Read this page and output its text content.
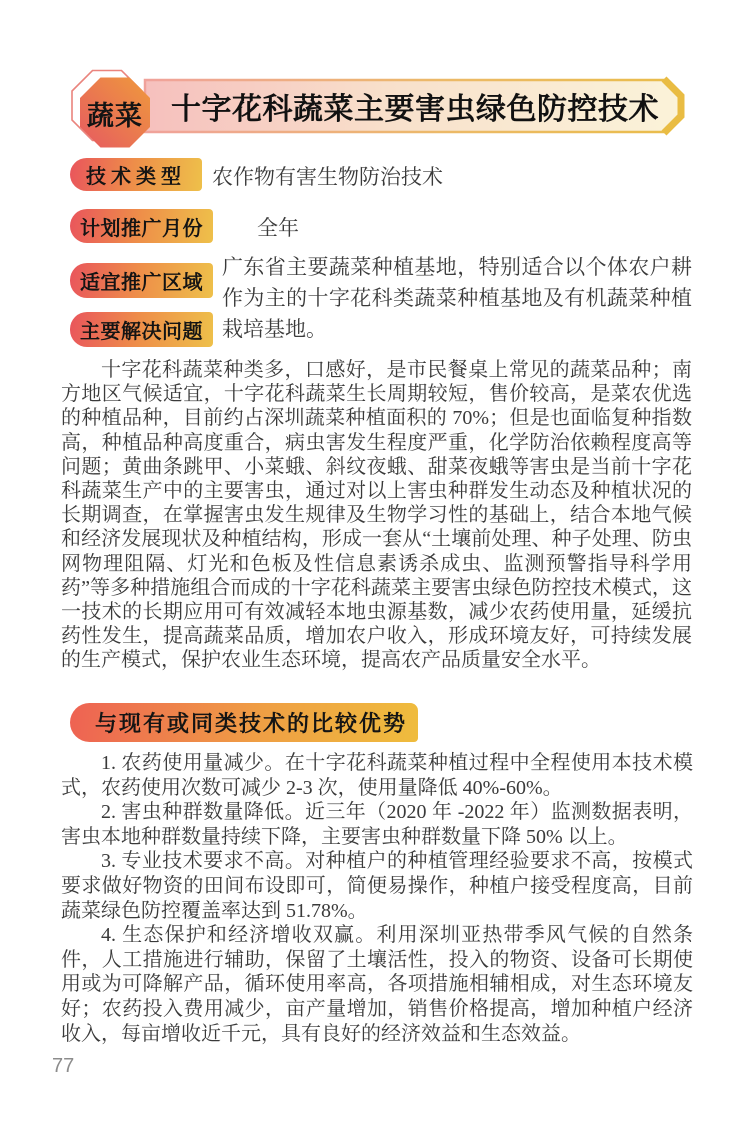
蔬菜 十字花科蔬菜主要害虫绿色防控技术
技术类型	农作物有害生物防治技术
计划推广月份	全年
适宜推广区域
广东省主要蔬菜种植基地，特别适合以个体农户耕作为主的十字花科类蔬菜种植基地及有机蔬菜种植栽培基地。
主要解决问题
十字花科蔬菜种类多，口感好，是市民餐桌上常见的蔬菜品种；南方地区气候适宜，十字花科蔬菜生长周期较短，售价较高，是菜农优选的种植品种，目前约占深圳蔬菜种植面积的 70%；但是也面临复种指数高，种植品种高度重合，病虫害发生程度严重，化学防治依赖程度高等问题；黄曲条跳甲、小菜蛾、斜纹夜蛾、甜菜夜蛾等害虫是当前十字花科蔬菜生产中的主要害虫，通过对以上害虫种群发生动态及种植状况的长期调查，在掌握害虫发生规律及生物学习性的基础上，结合本地气候和经济发展现状及种植结构，形成一套从“土壤前处理、种子处理、防虫网物理阻隔、灯光和色板及性信息素诱杀成虫、监测预警指导科学用药”等多种措施组合而成的十字花科蔬菜主要害虫绿色防控技术模式，这一技术的长期应用可有效减轻本地虫源基数，减少农药使用量，延缓抗药性发生，提高蔬菜品质，增加农户收入，形成环境友好，可持续发展的生产模式，保护农业生态环境，提高农产品质量安全水平。
与现有或同类技术的比较优势

1. 农药使用量减少。在十字花科蔬菜种植过程中全程使用本技术模式，农药使用次数可减少 2-3 次，使用量降低 40%-60%。

2. 害虫种群数量降低。近三年（2020 年 -2022 年）监测数据表明，害虫本地种群数量持续下降，主要害虫种群数量下降 50% 以上。

3. 专业技术要求不高。对种植户的种植管理经验要求不高，按模式要求做好物资的田间布设即可，简便易操作，种植户接受程度高，目前蔬菜绿色防控覆盖率达到 51.78%。

4. 生态保护和经济增收双赢。利用深圳亚热带季风气候的自然条件，人工措施进行辅助，保留了土壤活性，投入的物资、设备可长期使用或为可降解产品，循环使用率高，各项措施相辅相成，对生态环境友好；农药投入费用减少，亩产量增加，销售价格提高，增加种植户经济收入，每亩增收近千元，具有良好的经济效益和生态效益。

77
